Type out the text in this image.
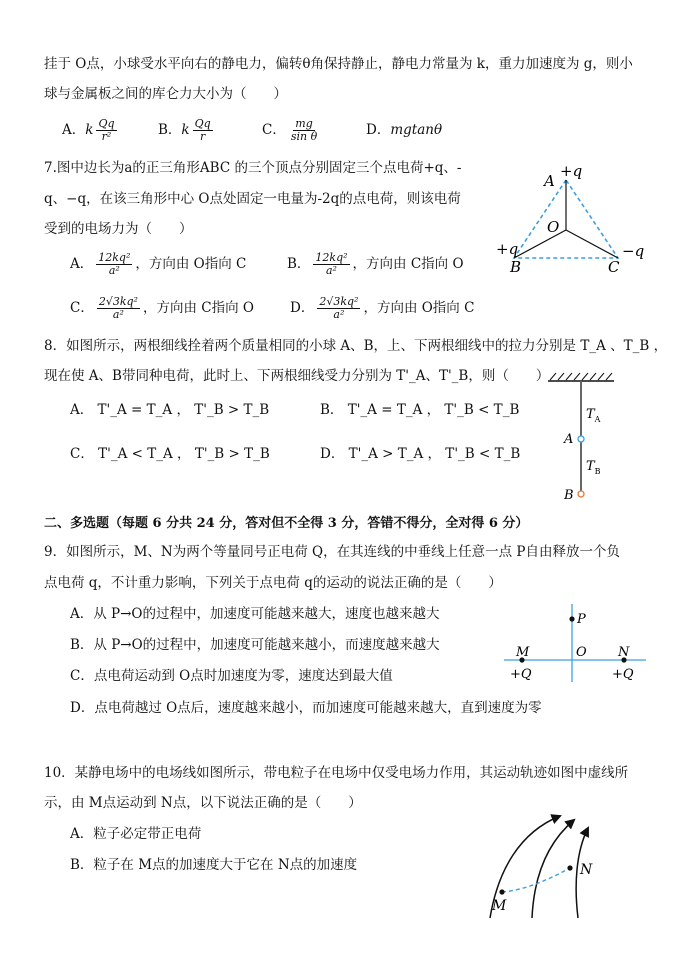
挂于 O点，小球受水平向右的静电力，偏转θ角保持静止，静电力常量为 k，重力加速度为 g，则小
球与金属板之间的库仑力大小为（　　）
A．k $\frac{Qq}{\text{r²}}$	B．k $\frac{Qq}{r}$	C． $\frac{mg}{\text{sin θ}}$	D．mgtanθ
7.图中边长为a的正三角形ABC 的三个顶点分别固定三个点电荷+q、-
q、−q，在该三角形中心 O点处固定一电量为-2q的点电荷，则该电荷
受到的电场力为（　　）
A． $\frac{\text{12kq²}}{\text{a²}}$ ，方向由 O指向 C	B． $\frac{\text{12kq²}}{\text{a²}}$ ，方向由 C指向 O
C． $\frac{\text{2√3kq²}}{\text{a²}}$ ，方向由 C指向 O	D． $\frac{\text{2√3kq²}}{\text{a²}}$ ，方向由 O指向 C
A
+q
O
+q
B
−q
C
8．如图所示，两根细线拴着两个质量相同的小球 A、B，上、下两根细线中的拉力分别是 T_A 、T_B ，
现在使 A、B带同种电荷，此时上、下两根细线受力分别为 T'_A、T'_B，则（　　）
A． T'_A = T_A ， T'_B > T_B	B． T'_A = T_A ， T'_B < T_B
C． T'_A < T_A ， T'_B > T_B	D． T'_A > T_A ， T'_B < T_B
$T_A$
$T_B$
A
B
二、多选题（每题 6 分共 24 分，答对但不全得 3 分，答错不得分，全对得 6 分）
9．如图所示，M、N为两个等量同号正电荷 Q，在其连线的中垂线上任意一点 P自由释放一个负
点电荷 q，不计重力影响，下列关于点电荷 q的运动的说法正确的是（　　）
A．从 P→O的过程中，加速度可能越来越大，速度也越来越大
B．从 P→O的过程中，加速度可能越来越小，而速度越来越大
C．点电荷运动到 O点时加速度为零，速度达到最大值
D．点电荷越过 O点后，速度越来越小，而加速度可能越来越大，直到速度为零
P
M	N
O
+Q	+Q
10．某静电场中的电场线如图所示，带电粒子在电场中仅受电场力作用，其运动轨迹如图中虚线所
示，由 M点运动到 N点，以下说法正确的是（　　）
A．粒子必定带正电荷
B．粒子在 M点的加速度大于它在 N点的加速度
M
N
